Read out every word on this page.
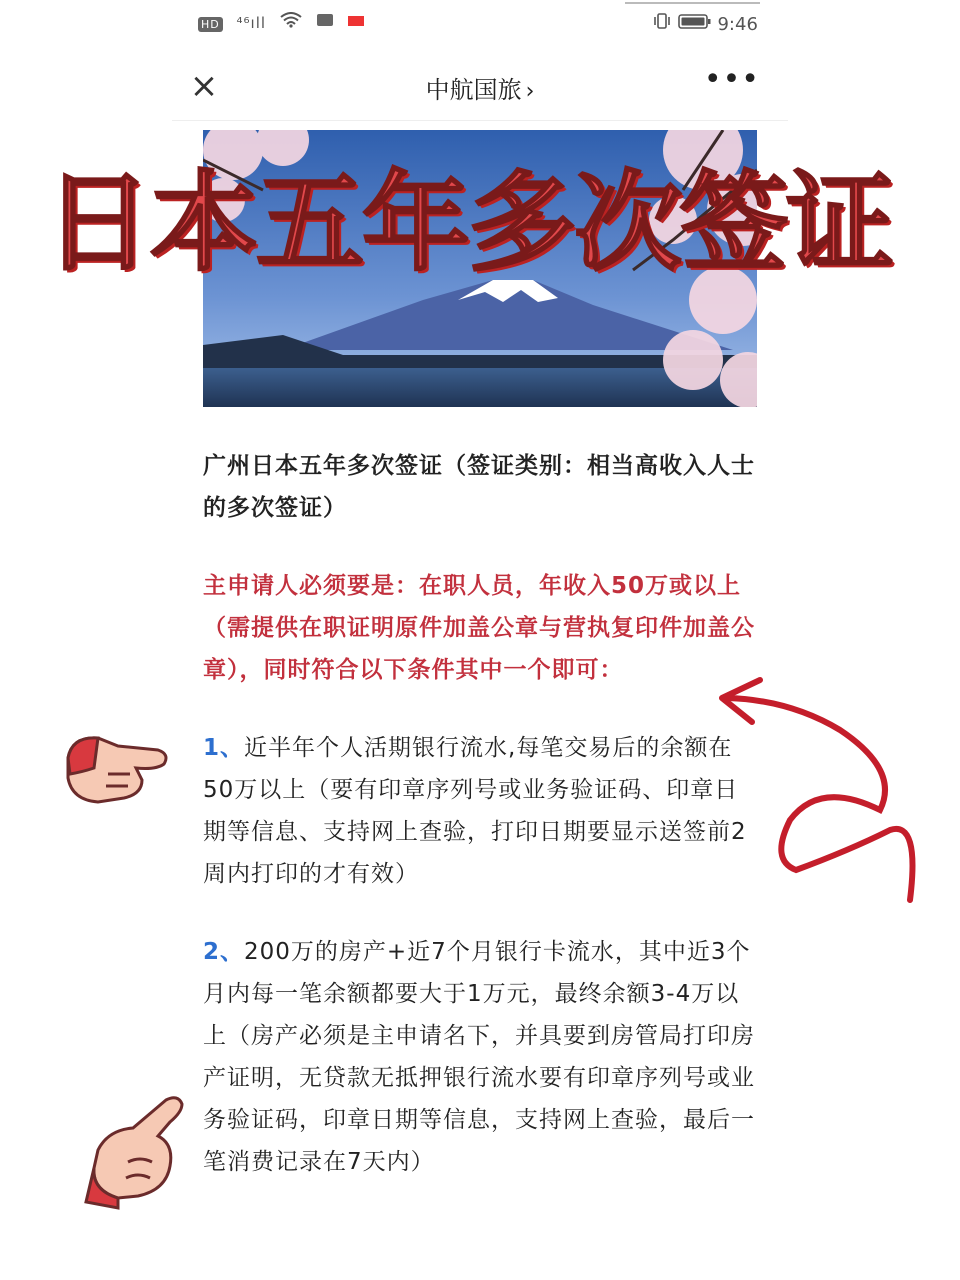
HD ⁴⁶ıll	9:46
×	中航国旅 ›	•••
日本五年多次签证

广州日本五年多次签证（签证类别：相当高收入人士的多次签证）

主申请人必须要是：在职人员，年收入50万或以上（需提供在职证明原件加盖公章与营执复印件加盖公章），同时符合以下条件其中一个即可：

1、近半年个人活期银行流水,每笔交易后的余额在50万以上（要有印章序列号或业务验证码、印章日期等信息、支持网上查验，打印日期要显示送签前2周内打印的才有效）

2、200万的房产+近7个月银行卡流水，其中近3个月内每一笔余额都要大于1万元，最终余额3-4万以上（房产必须是主申请名下，并具要到房管局打印房产证明，无贷款无抵押银行流水要有印章序列号或业务验证码，印章日期等信息，支持网上查验，最后一笔消费记录在7天内）
